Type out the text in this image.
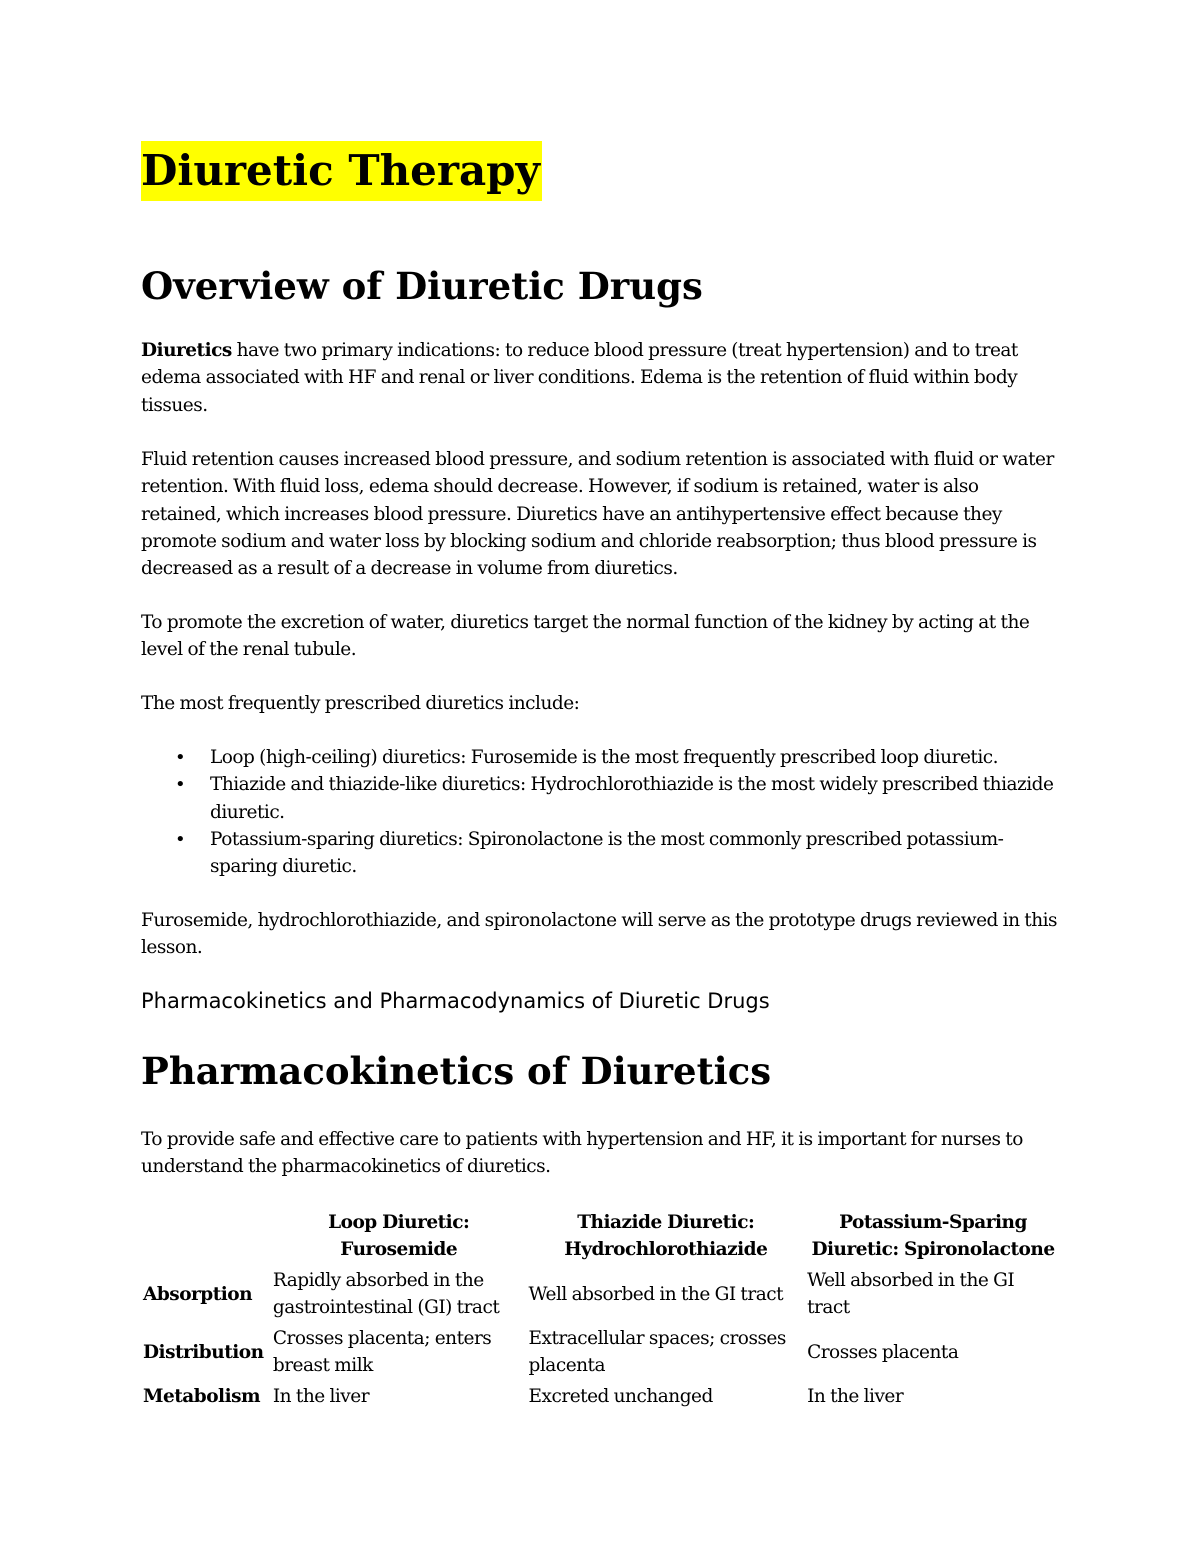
Diuretic Therapy
Overview of Diuretic Drugs

Diuretics have two primary indications: to reduce blood pressure (treat hypertension) and to treat edema associated with HF and renal or liver conditions. Edema is the retention of fluid within body tissues.

Fluid retention causes increased blood pressure, and sodium retention is associated with fluid or water retention. With fluid loss, edema should decrease. However, if sodium is retained, water is also retained, which increases blood pressure. Diuretics have an antihypertensive effect because they promote sodium and water loss by blocking sodium and chloride reabsorption; thus blood pressure is decreased as a result of a decrease in volume from diuretics.

To promote the excretion of water, diuretics target the normal function of the kidney by acting at the level of the renal tubule.

The most frequently prescribed diuretics include:

• Loop (high-ceiling) diuretics: Furosemide is the most frequently prescribed loop diuretic.
• Thiazide and thiazide-like diuretics: Hydrochlorothiazide is the most widely prescribed thiazide diuretic.
• Potassium-sparing diuretics: Spironolactone is the most commonly prescribed potassium-sparing diuretic.

Furosemide, hydrochlorothiazide, and spironolactone will serve as the prototype drugs reviewed in this lesson.

Pharmacokinetics and Pharmacodynamics of Diuretic Drugs
Pharmacokinetics of Diuretics

To provide safe and effective care to patients with hypertension and HF, it is important for nurses to understand the pharmacokinetics of diuretics.

	Loop Diuretic: Furosemide	Thiazide Diuretic: Hydrochlorothiazide	Potassium-Sparing Diuretic: Spironolactone
Absorption	Rapidly absorbed in the gastrointestinal (GI) tract	Well absorbed in the GI tract	Well absorbed in the GI tract
Distribution	Crosses placenta; enters breast milk	Extracellular spaces; crosses placenta	Crosses placenta
Metabolism	In the liver	Excreted unchanged	In the liver
